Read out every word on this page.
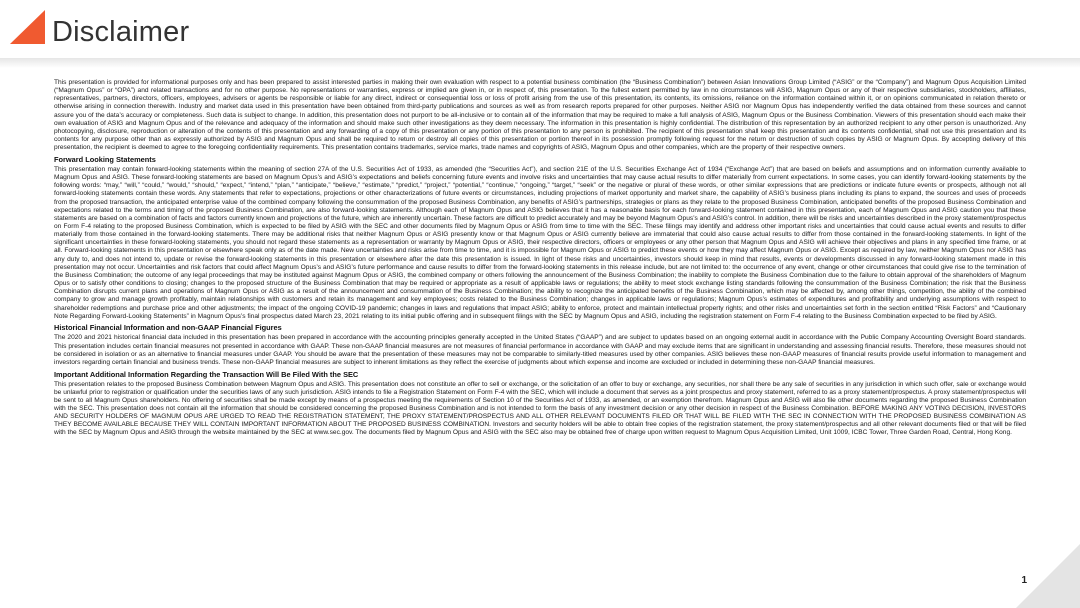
Disclaimer

This presentation is provided for informational purposes only and has been prepared to assist interested parties in making their own evaluation with respect to a potential business combination (the “Business Combination”) between Asian Innovations Group Limited (“ASIG” or the “Company”) and Magnum Opus Acquisition Limited (“Magnum Opus” or “OPA”) and related transactions and for no other purpose. No representations or warranties, express or implied are given in, or in respect of, this presentation. To the fullest extent permitted by law in no circumstances will ASIG, Magnum Opus or any of their respective subsidiaries, stockholders, affiliates, representatives, partners, directors, officers, employees, advisers or agents be responsible or liable for any direct, indirect or consequential loss or loss of profit arising from the use of this presentation, its contents, its omissions, reliance on the information contained within it, or on opinions communicated in relation thereto or otherwise arising in connection therewith. Industry and market data used in this presentation have been obtained from third-party publications and sources as well as from research reports prepared for other purposes. Neither ASIG nor Magnum Opus has independently verified the data obtained from these sources and cannot assure you of the data’s accuracy or completeness. Such data is subject to change. In addition, this presentation does not purport to be all-inclusive or to contain all of the information that may be required to make a full analysis of ASIG, Magnum Opus or the Business Combination. Viewers of this presentation should each make their own evaluation of ASIG and Magnum Opus and of the relevance and adequacy of the information and should make such other investigations as they deem necessary. The information in this presentation is highly confidential. The distribution of this representation by an authorized recipient to any other person is unauthorized. Any photocopying, disclosure, reproduction or alteration of the contents of this presentation and any forwarding of a copy of this presentation or any portion of this presentation to any person is prohibited. The recipient of this presentation shall keep this presentation and its contents confidential, shall not use this presentation and its contents for any purpose other than as expressly authorized by ASIG and Magnum Opus and shall be required to return or destroy all copies of this presentation or portion thereof in its possession promptly following request for the return or destruction of such copies by ASIG or Magnum Opus. By accepting delivery of this presentation, the recipient is deemed to agree to the foregoing confidentiality requirements. This presentation contains trademarks, service marks, trade names and copyrights of ASIG, Magnum Opus and other companies, which are the property of their respective owners.

Forward Looking Statements

This presentation may contain forward-looking statements within the meaning of section 27A of the U.S. Securities Act of 1933, as amended (the “Securities Act”), and section 21E of the U.S. Securities Exchange Act of 1934 (“Exchange Act”) that are based on beliefs and assumptions and on information currently available to Magnum Opus and ASIG. These forward-looking statements are based on Magnum Opus’s and ASIG’s expectations and beliefs concerning future events and involve risks and uncertainties that may cause actual results to differ materially from current expectations. In some cases, you can identify forward-looking statements by the following words: “may,” “will,” “could,” “would,” “should,” “expect,” “intend,” “plan,” “anticipate,” “believe,” “estimate,” “predict,” “project,” “potential,” “continue,” “ongoing,” “target,” “seek” or the negative or plural of these words, or other similar expressions that are predictions or indicate future events or prospects, although not all forward-looking statements contain these words. Any statements that refer to expectations, projections or other characterizations of future events or circumstances, including projections of market opportunity and market share, the capability of ASIG’s business plans including its plans to expand, the sources and uses of proceeds from the proposed transaction, the anticipated enterprise value of the combined company following the consummation of the proposed Business Combination, any benefits of ASIG’s partnerships, strategies or plans as they relate to the proposed Business Combination, anticipated benefits of the proposed Business Combination and expectations related to the terms and timing of the proposed Business Combination, are also forward-looking statements. Although each of Magnum Opus and ASIG believes that it has a reasonable basis for each forward-looking statement contained in this presentation, each of Magnum Opus and ASIG caution you that these statements are based on a combination of facts and factors currently known and projections of the future, which are inherently uncertain. These factors are difficult to predict accurately and may be beyond Magnum Opus’s and ASIG’s control. In addition, there will be risks and uncertainties described in the proxy statement/prospectus on Form F-4 relating to the proposed Business Combination, which is expected to be filed by ASIG with the SEC and other documents filed by Magnum Opus or ASIG from time to time with the SEC. These filings may identify and address other important risks and uncertainties that could cause actual events and results to differ materially from those contained in the forward-looking statements. There may be additional risks that neither Magnum Opus or ASIG presently know or that Magnum Opus or ASIG currently believe are immaterial that could also cause actual results to differ from those contained in the forward-looking statements. In light of the significant uncertainties in these forward-looking statements, you should not regard these statements as a representation or warranty by Magnum Opus or ASIG, their respective directors, officers or employees or any other person that Magnum Opus and ASIG will achieve their objectives and plans in any specified time frame, or at all. Forward-looking statements in this presentation or elsewhere speak only as of the date made. New uncertainties and risks arise from time to time, and it is impossible for Magnum Opus or ASIG to predict these events or how they may affect Magnum Opus or ASIG. Except as required by law, neither Magnum Opus nor ASIG has any duty to, and does not intend to, update or revise the forward-looking statements in this presentation or elsewhere after the date this presentation is issued. In light of these risks and uncertainties, investors should keep in mind that results, events or developments discussed in any forward-looking statement made in this presentation may not occur. Uncertainties and risk factors that could affect Magnum Opus’s and ASIG’s future performance and cause results to differ from the forward-looking statements in this release include, but are not limited to: the occurrence of any event, change or other circumstances that could give rise to the termination of the Business Combination; the outcome of any legal proceedings that may be instituted against Magnum Opus or ASIG, the combined company or others following the announcement of the Business Combination; the inability to complete the Business Combination due to the failure to obtain approval of the shareholders of Magnum Opus or to satisfy other conditions to closing; changes to the proposed structure of the Business Combination that may be required or appropriate as a result of applicable laws or regulations; the ability to meet stock exchange listing standards following the consummation of the Business Combination; the risk that the Business Combination disrupts current plans and operations of Magnum Opus or ASIG as a result of the announcement and consummation of the Business Combination; the ability to recognize the anticipated benefits of the Business Combination, which may be affected by, among other things, competition, the ability of the combined company to grow and manage growth profitably, maintain relationships with customers and retain its management and key employees; costs related to the Business Combination; changes in applicable laws or regulations; Magnum Opus’s estimates of expenditures and profitability and underlying assumptions with respect to shareholder redemptions and purchase price and other adjustments; the impact of the ongoing COVID-19 pandemic; changes in laws and regulations that impact ASIG; ability to enforce, protect and maintain intellectual property rights; and other risks and uncertainties set forth in the section entitled “Risk Factors” and “Cautionary Note Regarding Forward-Looking Statements” in Magnum Opus’s final prospectus dated March 23, 2021 relating to its initial public offering and in subsequent filings with the SEC by Magnum Opus and ASIG, including the registration statement on Form F-4 relating to the Business Combination expected to be filed by ASIG.

Historical Financial Information and non-GAAP Financial Figures

The 2020 and 2021 historical financial data included in this presentation has been prepared in accordance with the accounting principles generally accepted in the United States (“GAAP”) and are subject to updates based on an ongoing external audit in accordance with the Public Company Accounting Oversight Board standards. This presentation includes certain financial measures not presented in accordance with GAAP. These non-GAAP financial measures are not measures of financial performance in accordance with GAAP and may exclude items that are significant in understanding and assessing financial results. Therefore, these measures should not be considered in isolation or as an alternative to financial measures under GAAP. You should be aware that the presentation of these measures may not be comparable to similarly-titled measures used by other companies. ASIG believes these non-GAAP measures of financial results provide useful information to management and investors regarding certain financial and business trends. These non-GAAP financial measures are subject to inherent limitations as they reflect the exercise of judgments about which expense and income are excluded or included in determining these non-GAAP financial measures.

Important Additional Information Regarding the Transaction Will Be Filed With the SEC

This presentation relates to the proposed Business Combination between Magnum Opus and ASIG. This presentation does not constitute an offer to sell or exchange, or the solicitation of an offer to buy or exchange, any securities, nor shall there be any sale of securities in any jurisdiction in which such offer, sale or exchange would be unlawful prior to registration or qualification under the securities laws of any such jurisdiction. ASIG intends to file a Registration Statement on Form F-4 with the SEC, which will include a document that serves as a joint prospectus and proxy statement, referred to as a proxy statement/prospectus. A proxy statement/prospectus will be sent to all Magnum Opus shareholders. No offering of securities shall be made except by means of a prospectus meeting the requirements of Section 10 of the Securities Act of 1933, as amended, or an exemption therefrom. Magnum Opus and ASIG will also file other documents regarding the proposed Business Combination with the SEC. This presentation does not contain all the information that should be considered concerning the proposed Business Combination and is not intended to form the basis of any investment decision or any other decision in respect of the Business Combination. BEFORE MAKING ANY VOTING DECISION, INVESTORS AND SECURITY HOLDERS OF MAGNUM OPUS ARE URGED TO READ THE REGISTRATION STATEMENT, THE PROXY STATEMENT/PROSPECTUS AND ALL OTHER RELEVANT DOCUMENTS FILED OR THAT WILL BE FILED WITH THE SEC IN CONNECTION WITH THE PROPOSED BUSINESS COMBINATION AS THEY BECOME AVAILABLE BECAUSE THEY WILL CONTAIN IMPORTANT INFORMATION ABOUT THE PROPOSED BUSINESS COMBINATION. Investors and security holders will be able to obtain free copies of the registration statement, the proxy statement/prospectus and all other relevant documents filed or that will be filed with the SEC by Magnum Opus and ASIG through the website maintained by the SEC at www.sec.gov. The documents filed by Magnum Opus and ASIG with the SEC also may be obtained free of charge upon written request to Magnum Opus Acquisition Limited, Unit 1009, ICBC Tower, Three Garden Road, Central, Hong Kong.

1
